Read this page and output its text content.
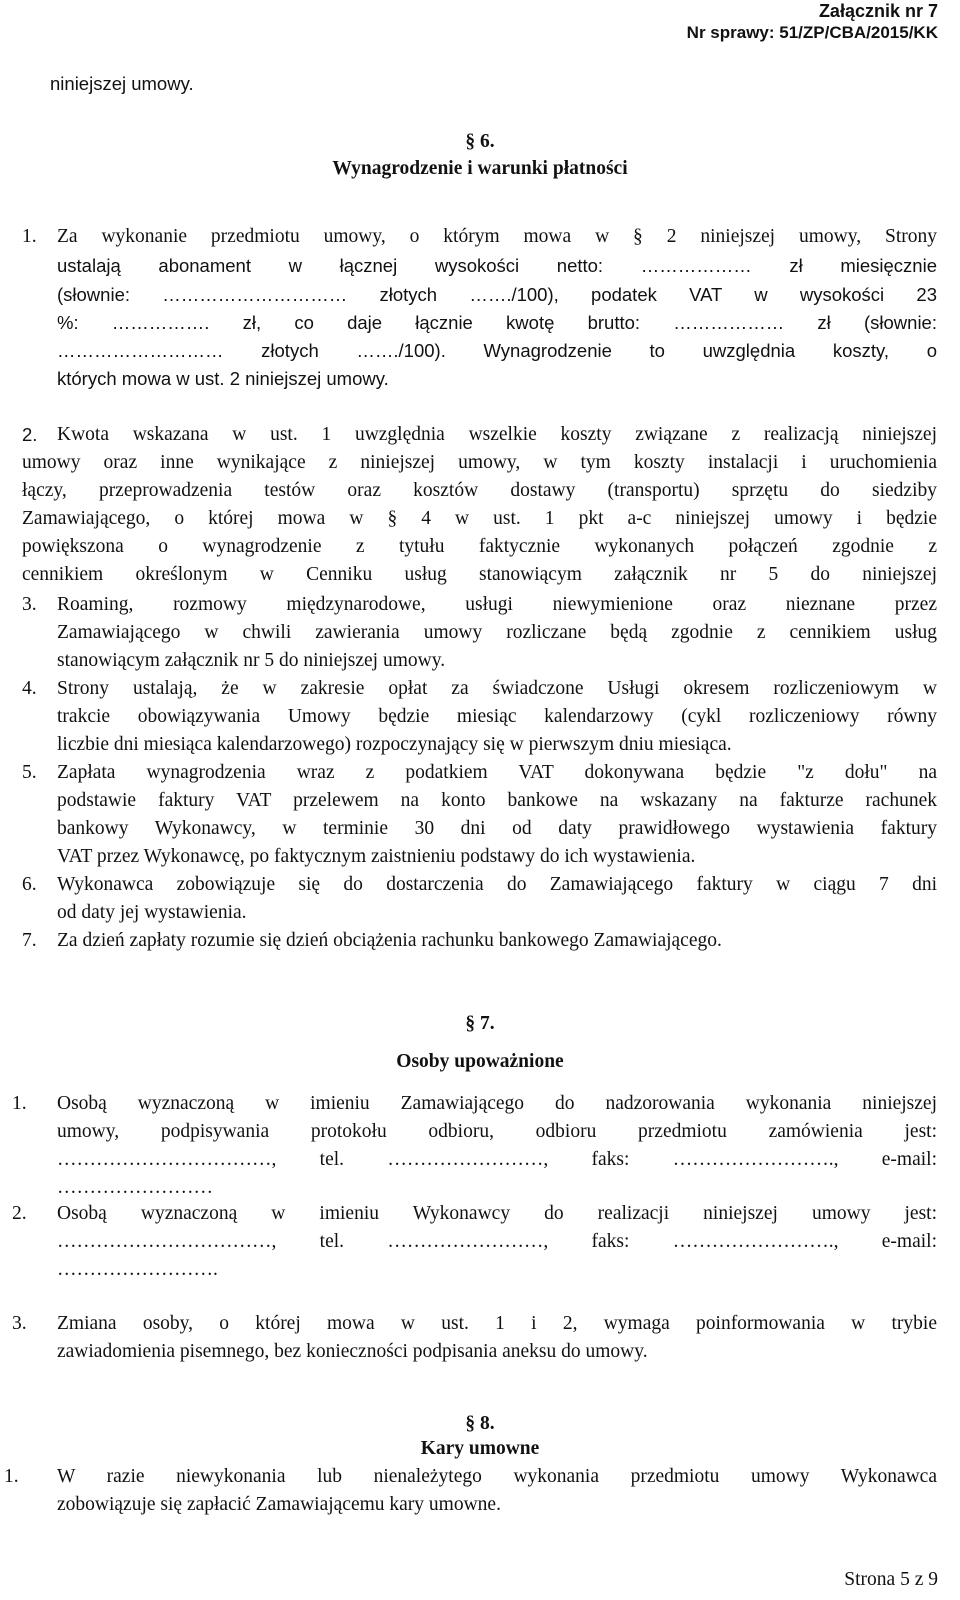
Załącznik nr 7
Nr sprawy: 51/ZP/CBA/2015/KK
niniejszej umowy.
§ 6.
Wynagrodzenie i warunki płatności
1.
2.
3.
4.
5.
6.
7.
Za wykonanie przedmiotu umowy, o którym mowa w § 2 niniejszej umowy, Strony
ustalają abonament w łącznej wysokości netto: ……………… zł miesięcznie
(słownie: ………………………… złotych ……./100), podatek VAT w wysokości 23
%: ……………. zł, co daje łącznie kwotę brutto: ……………… zł (słownie:
……………………… złotych ……./100). Wynagrodzenie to uwzględnia koszty, o
których mowa w ust. 2 niniejszej umowy.
Kwota wskazana w ust. 1 uwzględnia wszelkie koszty związane z realizacją niniejszej
umowy oraz inne wynikające z niniejszej umowy, w tym koszty instalacji i uruchomienia
łączy, przeprowadzenia testów oraz kosztów dostawy (transportu) sprzętu do siedziby
Zamawiającego, o której mowa w § 4 w ust. 1 pkt a-c niniejszej umowy i będzie
powiększona o wynagrodzenie z tytułu faktycznie wykonanych połączeń zgodnie z
cennikiem określonym w Cenniku usług stanowiącym załącznik nr 5 do niniejszej
Roaming, rozmowy międzynarodowe, usługi niewymienione oraz nieznane przez
Zamawiającego w chwili zawierania umowy rozliczane będą zgodnie z cennikiem usług
stanowiącym załącznik nr 5 do niniejszej umowy.
Strony ustalają, że w zakresie opłat za świadczone Usługi okresem rozliczeniowym w
trakcie obowiązywania Umowy będzie miesiąc kalendarzowy (cykl rozliczeniowy równy
liczbie dni miesiąca kalendarzowego) rozpoczynający się w pierwszym dniu miesiąca.
Zapłata wynagrodzenia wraz z podatkiem VAT dokonywana będzie "z dołu" na
podstawie faktury VAT przelewem na konto bankowe na wskazany na fakturze rachunek
bankowy Wykonawcy, w terminie 30 dni od daty prawidłowego wystawienia faktury
VAT przez Wykonawcę, po faktycznym zaistnieniu podstawy do ich wystawienia.
Wykonawca zobowiązuje się do dostarczenia do Zamawiającego faktury w ciągu 7 dni
od daty jej wystawienia.
Za dzień zapłaty rozumie się dzień obciążenia rachunku bankowego Zamawiającego.
§ 7.
Osoby upoważnione
1.
2.
3.
Osobą wyznaczoną w imieniu Zamawiającego do nadzorowania wykonania niniejszej
umowy, podpisywania protokołu odbioru, odbioru przedmiotu zamówienia jest:
……………………………, tel. ……………………, faks: ……………………., e-mail:
……………………
Osobą wyznaczoną w imieniu Wykonawcy do realizacji niniejszej umowy jest:
……………………………, tel. ……………………, faks: ……………………., e-mail:
…………………….
Zmiana osoby, o której mowa w ust. 1 i 2, wymaga poinformowania w trybie
zawiadomienia pisemnego, bez konieczności podpisania aneksu do umowy.
§ 8.
Kary umowne
1. W razie niewykonania lub nienależytego wykonania przedmiotu umowy Wykonawca
zobowiązuje się zapłacić Zamawiającemu kary umowne.
Strona 5 z 9
